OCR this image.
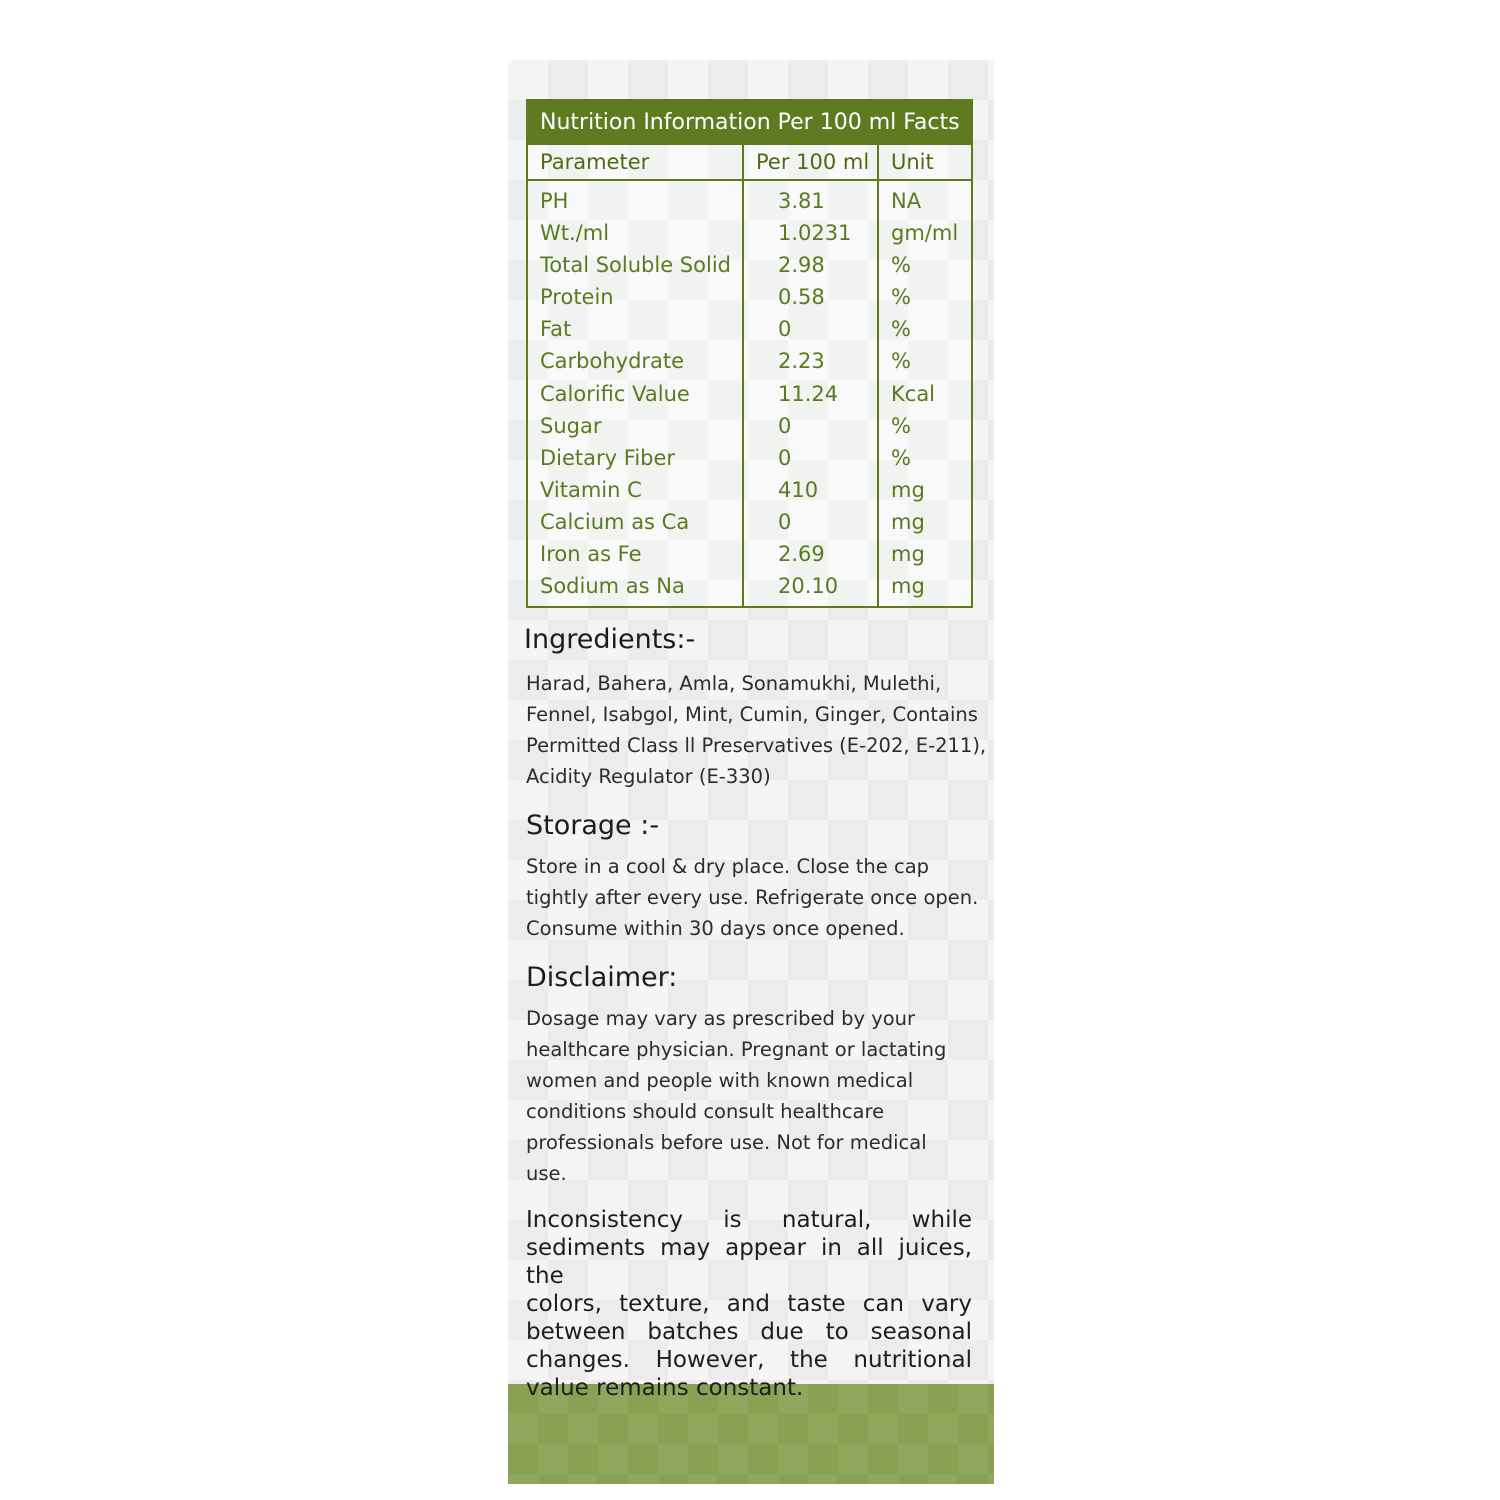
Nutrition Information Per 100 ml Facts
Parameter	Per 100 ml	Unit
PH
Wt./ml
Total Soluble Solid
Protein
Fat
Carbohydrate
Calorific Value
Sugar
Dietary Fiber
Vitamin C
Calcium as Ca
Iron as Fe
Sodium as Na
3.81
1.0231
2.98
0.58
0
2.23
11.24
0
0
410
0
2.69
20.10
NA
gm/ml
%
%
%
%
Kcal
%
%
mg
mg
mg
mg
Ingredients:-
Harad, Bahera, Amla, Sonamukhi, Mulethi,
Fennel, Isabgol, Mint, Cumin, Ginger, Contains
Permitted Class ll Preservatives (E-202, E-211),
Acidity Regulator (E-330)
Storage :-
Store in a cool & dry place. Close the cap
tightly after every use. Refrigerate once open.
Consume within 30 days once opened.
Disclaimer:
Dosage may vary as prescribed by your
healthcare physician. Pregnant or lactating
women and people with known medical
conditions should consult healthcare
professionals before use. Not for medical
use.
Inconsistency is natural, while
sediments may appear in all juices, the
colors, texture, and taste can vary
between batches due to seasonal
changes. However, the nutritional
value remains constant.
